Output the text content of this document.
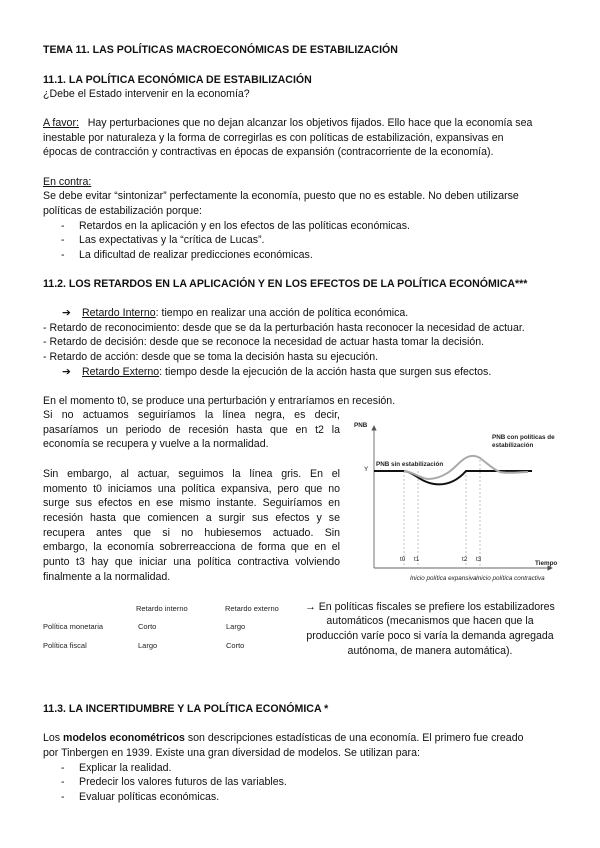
TEMA 11. LAS POLÍTICAS MACROECONÓMICAS DE ESTABILIZACIÓN
11.1. LA POLÍTICA ECONÓMICA DE ESTABILIZACIÓN
¿Debe el Estado intervenir en la economía?
A favor: Hay perturbaciones que no dejan alcanzar los objetivos fijados. Ello hace que la economía sea
inestable por naturaleza y la forma de corregirlas es con políticas de estabilización, expansivas en
épocas de contracción y contractivas en épocas de expansión (contracorriente de la economía).
En contra:
Se debe evitar “sintonizar” perfectamente la economía, puesto que no es estable. No deben utilizarse
políticas de estabilización porque:
- Retardos en la aplicación y en los efectos de las políticas económicas.
- Las expectativas y la “crítica de Lucas”.
- La dificultad de realizar predicciones económicas.
11.2. LOS RETARDOS EN LA APLICACIÓN Y EN LOS EFECTOS DE LA POLÍTICA ECONÓMICA***
➔ Retardo Interno: tiempo en realizar una acción de política económica.
- Retardo de reconocimiento: desde que se da la perturbación hasta reconocer la necesidad de actuar.
- Retardo de decisión: desde que se reconoce la necesidad de actuar hasta tomar la decisión.
- Retardo de acción: desde que se toma la decisión hasta su ejecución.
➔ Retardo Externo: tiempo desde la ejecución de la acción hasta que surgen sus efectos.
En el momento t0, se produce una perturbación y entraríamos en recesión.
Si no actuamos seguiríamos la línea negra, es decir,
pasaríamos un periodo de recesión hasta que en t2 la
economía se recupera y vuelve a la normalidad.
Sin embargo, al actuar, seguimos la línea gris. En el
momento t0 iniciamos una política expansiva, pero que no
surge sus efectos en ese mismo instante. Seguiríamos en
recesión hasta que comiencen a surgir sus efectos y se
recupera antes que si no hubiesemos actuado. Sin
embargo, la economía sobrerreacciona de forma que en el
punto t3 hay que iniciar una política contractiva volviendo
finalmente a la normalidad.
PNB
Y
PNB sin estabilización
PNB con políticas de
estabilización
Tiempo
t0 t1	t2 t3
Inicio política expansiva Inicio política contractiva
Retardo interno	Retardo externo
Política monetaria	Corto	Largo
Política fiscal	Largo	Corto
→ En políticas fiscales se prefiere los estabilizadores
automáticos (mecanismos que hacen que la
producción varíe poco si varía la demanda agregada
autónoma, de manera automática).
11.3. LA INCERTIDUMBRE Y LA POLÍTICA ECONÓMICA *
Los modelos econométricos son descripciones estadísticas de una economía. El primero fue creado
por Tinbergen en 1939. Existe una gran diversidad de modelos. Se utilizan para:
- Explicar la realidad.
- Predecir los valores futuros de las variables.
- Evaluar políticas económicas.
